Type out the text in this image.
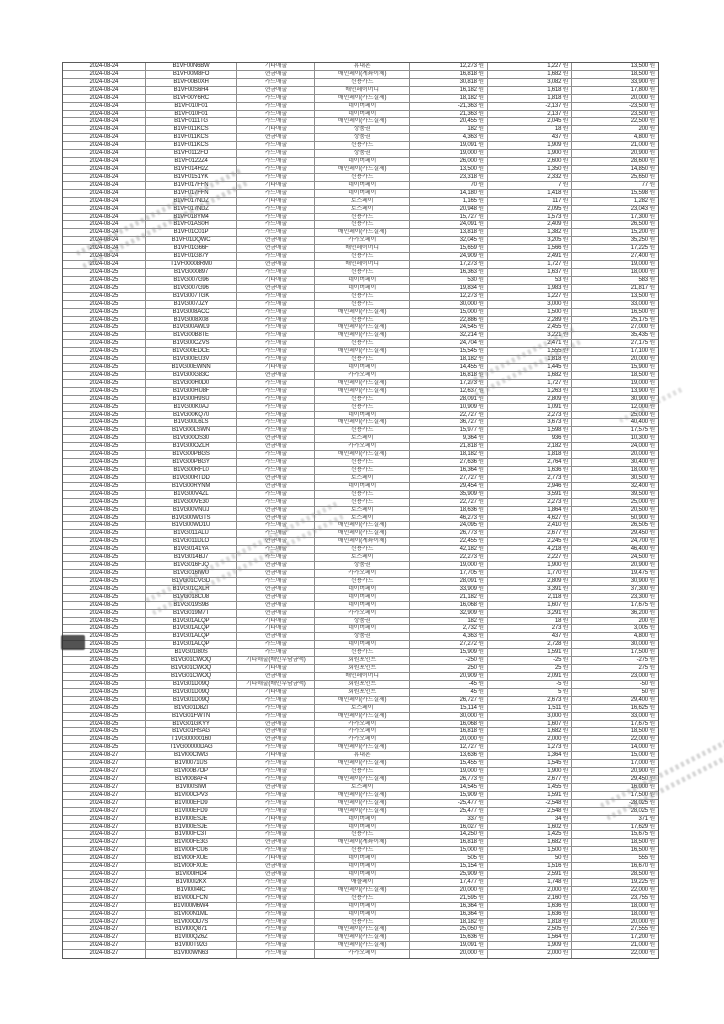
2024-08-24	B1VF00N6BW	기타매출	휴대폰	12,273 원	1,227 원	13,500 원
2024-08-24	B1VF00M8FO	현금매출	배민페이(계좌이체)	16,818 원	1,682 원	18,500 원
2024-08-24	B1VF00B0XH	카드매출	신용카드	30,818 원	3,082 원	33,900 원
2024-08-24	B1VF00S6H4	현금매출	배민페이머니	16,182 원	1,618 원	17,800 원
2024-08-24	B1VF00Y6RC	카드매출	배민페이(카드결제)	18,182 원	1,818 원	20,000 원
2024-08-24	B1VF010F01	카드매출	네이버페이	-21,363 원	-2,137 원	-23,500 원
2024-08-24	B1VF010F01	카드매출	네이버페이	21,363 원	2,137 원	23,500 원
2024-08-24	B1VF0111TG	카드매출	배민페이(카드결제)	20,455 원	2,045 원	22,500 원
2024-08-24	B1VF011KCS	기타매출	상품권	182 원	18 원	200 원
2024-08-24	B1VF011KCS	현금매출	상품권	4,363 원	437 원	4,800 원
2024-08-24	B1VF011KCS	카드매출	신용카드	19,091 원	1,909 원	21,000 원
2024-08-24	B1VF0112FO	카드매출	상품권	19,000 원	1,900 원	20,900 원
2024-08-24	B1VF0122Z4	카드매출	네이버페이	26,000 원	2,600 원	28,600 원
2024-08-24	B1VF014H2Z	카드매출	배민페이(카드결제)	13,500 원	1,350 원	14,850 원
2024-08-24	B1VF0151YK	카드매출	신용카드	23,318 원	2,332 원	25,650 원
2024-08-24	B1VF017FFN	기타매출	네이버페이	70 원	7 원	77 원
2024-08-24	B1VF017FFN	카드매출	네이버페이	14,180 원	1,418 원	15,598 원
2024-08-24	B1VF017NDZ	기타매출	토스페이	1,165 원	117 원	1,282 원
2024-08-24	B1VF017NDZ	카드매출	토스페이	20,948 원	2,095 원	23,043 원
2024-08-24	B1VF018YM4	카드매출	신용카드	15,727 원	1,573 원	17,300 원
2024-08-24	B1VF01AS0H	카드매출	신용카드	24,091 원	2,409 원	26,500 원
2024-08-24	B1VF01C01P	카드매출	배민페이(카드결제)	13,818 원	1,382 원	15,200 원
2024-08-24	B1VF01DQWC	현금매출	카카오페이	32,045 원	3,205 원	35,250 원
2024-08-24	B1VF01G66F	현금매출	배민페이머니	15,659 원	1,566 원	17,225 원
2024-08-24	B1VF01G87Y	카드매출	신용카드	24,909 원	2,491 원	27,400 원
2024-08-24	T1VF00008RM0	현금매출	배민페이머니	17,273 원	1,727 원	19,000 원
2024-08-25	B1VG000897	카드매출	신용카드	16,363 원	1,637 원	18,000 원
2024-08-25	B1VG007G96	기타매출	네이버페이	530 원	53 원	583 원
2024-08-25	B1VG007G96	현금매출	네이버페이	19,834 원	1,983 원	21,817 원
2024-08-25	B1VG007TGK	카드매출	신용카드	12,273 원	1,227 원	13,500 원
2024-08-25	B1VG007JZY	카드매출	신용카드	30,000 원	3,000 원	33,000 원
2024-08-25	B1VG008ACC	카드매출	배민페이(카드결제)	15,000 원	1,500 원	16,500 원
2024-08-25	B1VG008X08	카드매출	신용카드	22,886 원	2,289 원	25,175 원
2024-08-25	B1VG00AWL9	카드매출	배민페이(카드결제)	24,545 원	2,455 원	27,000 원
2024-08-25	B1VG00B8TE	카드매출	배민페이(카드결제)	32,214 원	3,221 원	35,435 원
2024-08-25	B1VG00CZVS	카드매출	신용카드	24,704 원	2,471 원	27,175 원
2024-08-25	B1VG00EDCE	카드매출	배민페이(카드결제)	15,545 원	1,555 원	17,100 원
2024-08-25	B1VG00EU3V	카드매출	신용카드	18,182 원	1,818 원	20,000 원
2024-08-25	B1VG00EWNN	기타매출	네이버페이	14,455 원	1,445 원	15,900 원
2024-08-25	B1VG00G83C	현금매출	카카오페이	16,818 원	1,682 원	18,500 원
2024-08-25	B1VG00H0D0	카드매출	배민페이(카드결제)	17,273 원	1,727 원	19,000 원
2024-08-25	B1VG00HU8F	카드매출	배민페이(카드결제)	12,637 원	1,263 원	13,900 원
2024-08-25	B1VG00H9SU	카드매출	신용카드	28,091 원	2,809 원	30,900 원
2024-08-25	B1VG00K0AJ	카드매출	신용카드	10,909 원	1,091 원	12,000 원
2024-08-25	B1VG00KQ70	카드매출	네이버페이	22,727 원	2,273 원	25,000 원
2024-08-25	B1VG00L6LS	카드매출	배민페이(카드결제)	36,727 원	3,673 원	40,400 원
2024-08-25	B1VG00LSWN	카드매출	신용카드	15,977 원	1,598 원	17,575 원
2024-08-25	B1VG00OS30	현금매출	토스페이	9,364 원	936 원	10,300 원
2024-08-25	B1VG00OZLR	현금매출	카카오페이	21,818 원	2,182 원	24,000 원
2024-08-25	B1VG00PBGS	카드매출	배민페이(카드결제)	18,182 원	1,818 원	20,000 원
2024-08-25	B1VG00PBGY	카드매출	신용카드	27,636 원	2,764 원	30,400 원
2024-08-25	B1VG00RFL0	카드매출	신용카드	16,364 원	1,636 원	18,000 원
2024-08-25	B1VG00RTDD	현금매출	토스페이	27,727 원	2,773 원	30,500 원
2024-08-25	B1VG00RYNM	현금매출	네이버페이	29,454 원	2,946 원	32,400 원
2024-08-25	B1VG00V4ZL	카드매출	신용카드	35,909 원	3,591 원	39,500 원
2024-08-25	B1VG00VE30	카드매출	신용카드	22,727 원	2,273 원	25,000 원
2024-08-25	B1VG00VNUJ	현금매출	토스페이	18,636 원	1,864 원	20,500 원
2024-08-25	B1VG00WGTS	현금매출	토스페이	46,273 원	4,627 원	50,900 원
2024-08-25	B1VG00WD1U	카드매출	배민페이(카드결제)	24,095 원	2,410 원	26,505 원
2024-08-25	B1VG011ALU	카드매출	배민페이(카드결제)	26,773 원	2,677 원	29,450 원
2024-08-25	B1VG011DLO	현금매출	배민페이(계좌이체)	22,455 원	2,245 원	24,700 원
2024-08-25	B1VG0141YA	카드매출	신용카드	42,182 원	4,218 원	46,400 원
2024-08-25	B1VG014BJ7	카드매출	토스페이	22,273 원	2,227 원	24,500 원
2024-08-25	B1VG016FJQ	현금매출	상품권	19,000 원	1,900 원	20,900 원
2024-08-25	B1VG016IWU	현금매출	카카오페이	17,705 원	1,770 원	19,475 원
2024-08-25	B1VG01CVGD	카드매출	신용카드	28,091 원	2,809 원	30,900 원
2024-08-25	B1VG01CXLR	현금매출	네이버페이	33,909 원	3,391 원	37,300 원
2024-08-25	B1VG018CU8	현금매출	네이버페이	21,182 원	2,118 원	23,300 원
2024-08-25	B1VG019S9B	현금매출	네이버페이	16,068 원	1,607 원	17,675 원
2024-08-25	B1VG019M7T	현금매출	카카오페이	32,909 원	3,291 원	36,200 원
2024-08-25	B1VG01ALQP	기타매출	상품권	182 원	18 원	200 원
2024-08-25	B1VG01ALQP	기타매출	네이버페이	2,732 원	273 원	3,005 원
2024-08-25	B1VG01ALQP	현금매출	상품권	4,363 원	437 원	4,800 원
2024-08-25	B1VG01ALQP	카드매출	네이버페이	27,272 원	2,728 원	30,000 원
2024-08-25	B1VG01I80S	카드매출	신용카드	15,909 원	1,591 원	17,500 원
2024-08-25	B1VG01CWOQ	기타매출(배민부담금액)	회원포인트	-250 원	-25 원	-275 원
2024-08-25	B1VG01CWOQ	기타매출	회원포인트	250 원	25 원	275 원
2024-08-25	B1VG01CWOQ	현금매출	배민페이머니	20,909 원	2,091 원	23,000 원
2024-08-25	B1VG01D09Q	기타매출(배민부담금액)	회원포인트	-45 원	-5 원	-50 원
2024-08-25	B1VG01D09Q	기타매출	회원포인트	45 원	5 원	50 원
2024-08-25	B1VG01D09Q	카드매출	배민페이(카드결제)	26,727 원	2,673 원	29,400 원
2024-08-25	B1VG01D8ZI	카드매출	토스페이	15,114 원	1,511 원	16,625 원
2024-08-25	B1VG01FWTN	카드매출	배민페이(카드결제)	30,000 원	3,000 원	33,000 원
2024-08-25	B1VG01GKYY	현금매출	카카오페이	16,068 원	1,607 원	17,675 원
2024-08-25	B1VG01HSAG	현금매출	카카오페이	16,818 원	1,682 원	18,500 원
2024-08-25	T1VG00000160	현금매출	카카오페이	20,000 원	2,000 원	22,000 원
2024-08-25	T1VG00000DAG	카드매출	배민페이(카드결제)	12,727 원	1,273 원	14,000 원
2024-08-27	B1VI00CIWG	기타매출	휴대폰	13,636 원	1,364 원	15,000 원
2024-08-27	B1VI0071US	카드매출	배민페이(카드결제)	15,455 원	1,545 원	17,000 원
2024-08-27	B1VI00B7OP	카드매출	신용카드	19,000 원	1,900 원	20,900 원
2024-08-27	B1VI008AF4	카드매출	배민페이(카드결제)	26,773 원	2,677 원	29,450 원
2024-08-27	B1VI00SIWI	현금매출	토스페이	14,545 원	1,455 원	16,000 원
2024-08-27	B1VI00CPV3	카드매출	배민페이(카드결제)	15,909 원	1,591 원	17,500 원
2024-08-27	B1VI00EFD9	카드매출	배민페이(카드결제)	-25,477 원	-2,548 원	-28,025 원
2024-08-27	B1VI00EFD9	카드매출	배민페이(카드결제)	25,477 원	2,548 원	28,025 원
2024-08-27	B1VI00ESJE	기타매출	네이버페이	337 원	34 원	371 원
2024-08-27	B1VI00ESJE	카드매출	네이버페이	16,027 원	1,602 원	17,629 원
2024-08-27	B1VI00FC3T	카드매출	신용카드	14,250 원	1,425 원	15,675 원
2024-08-27	B1VI00FE3G	현금매출	배민페이(계좌이체)	16,818 원	1,682 원	18,500 원
2024-08-27	B1VI00FCU6	카드매출	신용카드	15,000 원	1,500 원	16,500 원
2024-08-27	B1VI00FXUE	기타매출	네이버페이	505 원	50 원	555 원
2024-08-27	B1VI00FXUE	현금매출	네이버페이	15,154 원	1,516 원	16,670 원
2024-08-27	B1VI00IHD4	현금매출	네이버페이	25,909 원	2,591 원	28,500 원
2024-08-27	B1VI00I2KX	카드매출	애플페이	17,477 원	1,748 원	19,225 원
2024-08-27	B1VI00I4IC	카드매출	배민페이(카드결제)	20,000 원	2,000 원	22,000 원
2024-08-27	B1VI00LFCN	카드매출	신용카드	21,595 원	2,160 원	23,755 원
2024-08-27	B1VI00M6W4	카드매출	네이버페이	16,364 원	1,636 원	18,000 원
2024-08-27	B1VI00N1ML	카드매출	네이버페이	16,364 원	1,636 원	18,000 원
2024-08-27	B1VI00OD7S	카드매출	신용카드	18,182 원	1,818 원	20,000 원
2024-08-27	B1VI00Q871	카드매출	배민페이(카드결제)	25,050 원	2,505 원	27,555 원
2024-08-27	B1VI00QZ6Z	카드매출	배민페이(카드결제)	15,636 원	1,564 원	17,200 원
2024-08-27	B1VI00T92G	카드매출	배민페이(카드결제)	19,091 원	1,909 원	21,000 원
2024-08-27	B1VI00WN63	카드매출	카카오페이	20,000 원	2,000 원	22,000 원
